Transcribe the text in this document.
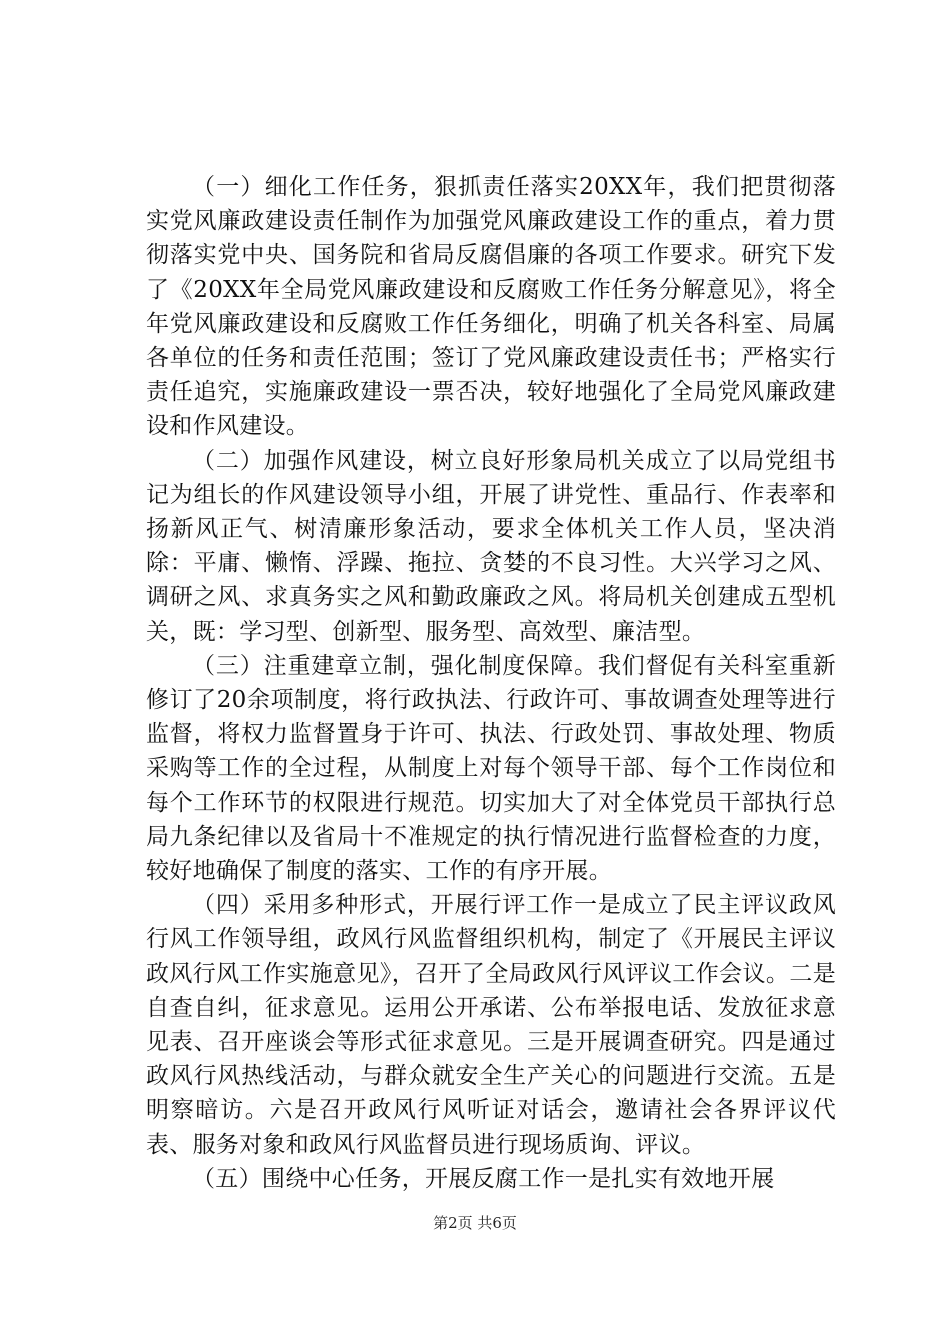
（一）细化工作任务，狠抓责任落实20XX年，我们把贯彻落实党风廉政建设责任制作为加强党风廉政建设工作的重点，着力贯彻落实党中央、国务院和省局反腐倡廉的各项工作要求。研究下发了《20XX年全局党风廉政建设和反腐败工作任务分解意见》，将全年党风廉政建设和反腐败工作任务细化，明确了机关各科室、局属各单位的任务和责任范围；签订了党风廉政建设责任书；严格实行责任追究，实施廉政建设一票否决，较好地强化了全局党风廉政建设和作风建设。

（二）加强作风建设，树立良好形象局机关成立了以局党组书记为组长的作风建设领导小组，开展了讲党性、重品行、作表率和扬新风正气、树清廉形象活动，要求全体机关工作人员，坚决消除：平庸、懒惰、浮躁、拖拉、贪婪的不良习性。大兴学习之风、调研之风、求真务实之风和勤政廉政之风。将局机关创建成五型机关，既：学习型、创新型、服务型、高效型、廉洁型。

（三）注重建章立制，强化制度保障。我们督促有关科室重新修订了20余项制度，将行政执法、行政许可、事故调查处理等进行监督，将权力监督置身于许可、执法、行政处罚、事故处理、物质采购等工作的全过程，从制度上对每个领导干部、每个工作岗位和每个工作环节的权限进行规范。切实加大了对全体党员干部执行总局九条纪律以及省局十不准规定的执行情况进行监督检查的力度，较好地确保了制度的落实、工作的有序开展。

（四）采用多种形式，开展行评工作一是成立了民主评议政风行风工作领导组，政风行风监督组织机构，制定了《开展民主评议政风行风工作实施意见》，召开了全局政风行风评议工作会议。二是自查自纠，征求意见。运用公开承诺、公布举报电话、发放征求意见表、召开座谈会等形式征求意见。三是开展调查研究。四是通过政风行风热线活动，与群众就安全生产关心的问题进行交流。五是明察暗访。六是召开政风行风听证对话会，邀请社会各界评议代表、服务对象和政风行风监督员进行现场质询、评议。

（五）围绕中心任务，开展反腐工作一是扎实有效地开展

第2页 共6页
